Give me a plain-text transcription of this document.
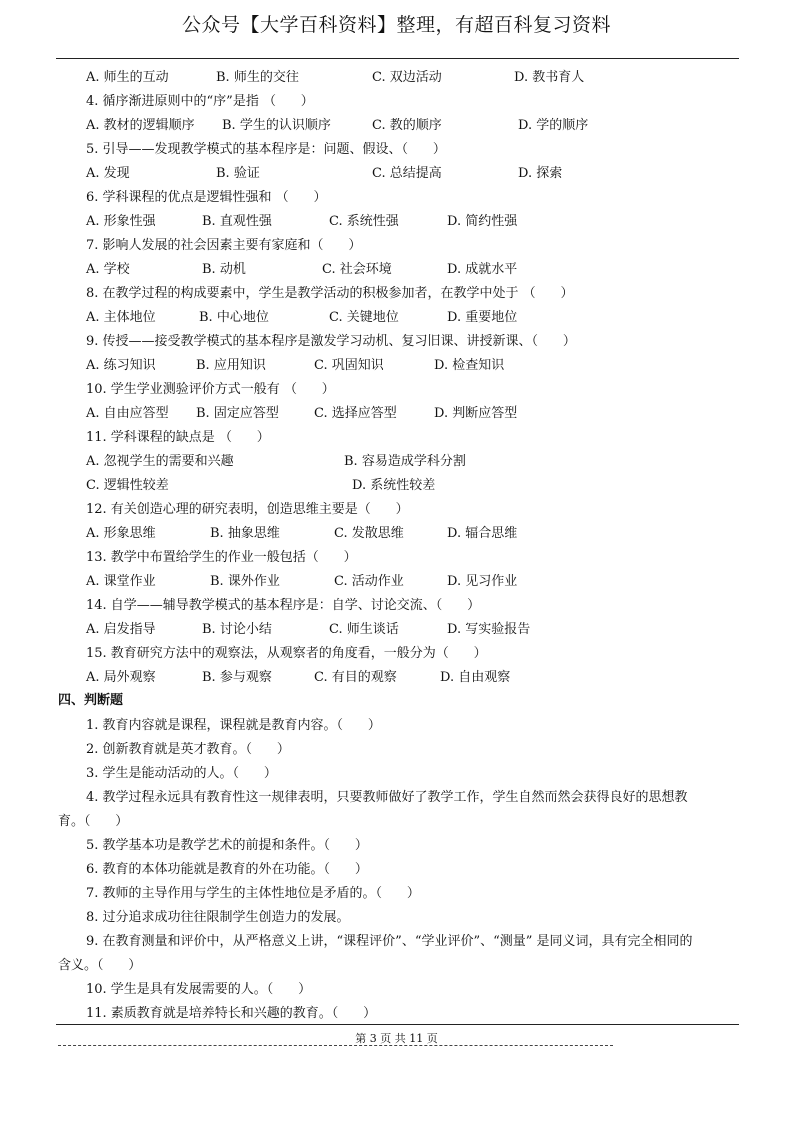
公众号【大学百科资料】整理，有超百科复习资料
A. 师生的互动	B. 师生的交往	C. 双边活动	D. 教书育人
4. 循序渐进原则中的“序”是指 （      ）
A. 教材的逻辑顺序 B. 学生的认识顺序	C. 教的顺序	D. 学的顺序
5. 引导——发现教学模式的基本程序是：问题、假设、（      ）
A. 发现	B. 验证	C. 总结提高	D. 探索
6. 学科课程的优点是逻辑性强和 （      ）
A. 形象性强	B. 直观性强	C. 系统性强	D. 简约性强
7. 影响人发展的社会因素主要有家庭和（      ）
A. 学校	B. 动机	C. 社会环境	D. 成就水平
8. 在教学过程的构成要素中，学生是教学活动的积极参加者，在教学中处于 （      ）
A. 主体地位	B. 中心地位	C. 关键地位	D. 重要地位
9. 传授——接受教学模式的基本程序是激发学习动机、复习旧课、讲授新课、（      ）
A. 练习知识	B. 应用知识	C. 巩固知识	D. 检查知识
10. 学生学业测验评价方式一般有 （      ）
A. 自由应答型 B. 固定应答型	C. 选择应答型	D. 判断应答型
11. 学科课程的缺点是 （      ）
A. 忽视学生的需要和兴趣	B. 容易造成学科分割
C. 逻辑性较差	D. 系统性较差
12. 有关创造心理的研究表明，创造思维主要是（      ）
A. 形象思维	B. 抽象思维	C. 发散思维	D. 辐合思维
13. 教学中布置给学生的作业一般包括（      ）
A. 课堂作业	B. 课外作业	C. 活动作业	D. 见习作业
14. 自学——辅导教学模式的基本程序是：自学、讨论交流、（      ）
A. 启发指导	B. 讨论小结	C. 师生谈话	D. 写实验报告
15. 教育研究方法中的观察法，从观察者的角度看，一般分为（      ）
A. 局外观察	B. 参与观察	C. 有目的观察	D. 自由观察
四、判断题
1. 教育内容就是课程，课程就是教育内容。（      ）
2. 创新教育就是英才教育。（      ）
3. 学生是能动活动的人。（      ）
4. 教学过程永远具有教育性这一规律表明，只要教师做好了教学工作，学生自然而然会获得良好的思想教
育。（      ）
5. 教学基本功是教学艺术的前提和条件。（      ）
6. 教育的本体功能就是教育的外在功能。（      ）
7. 教师的主导作用与学生的主体性地位是矛盾的。（      ）
8. 过分追求成功往往限制学生创造力的发展。
9. 在教育测量和评价中，从严格意义上讲，“课程评价”、“学业评价”、“测量” 是同义词，具有完全相同的
含义。（      ）
10. 学生是具有发展需要的人。（      ）
11. 素质教育就是培养特长和兴趣的教育。（      ）
第 3 页 共 11 页
